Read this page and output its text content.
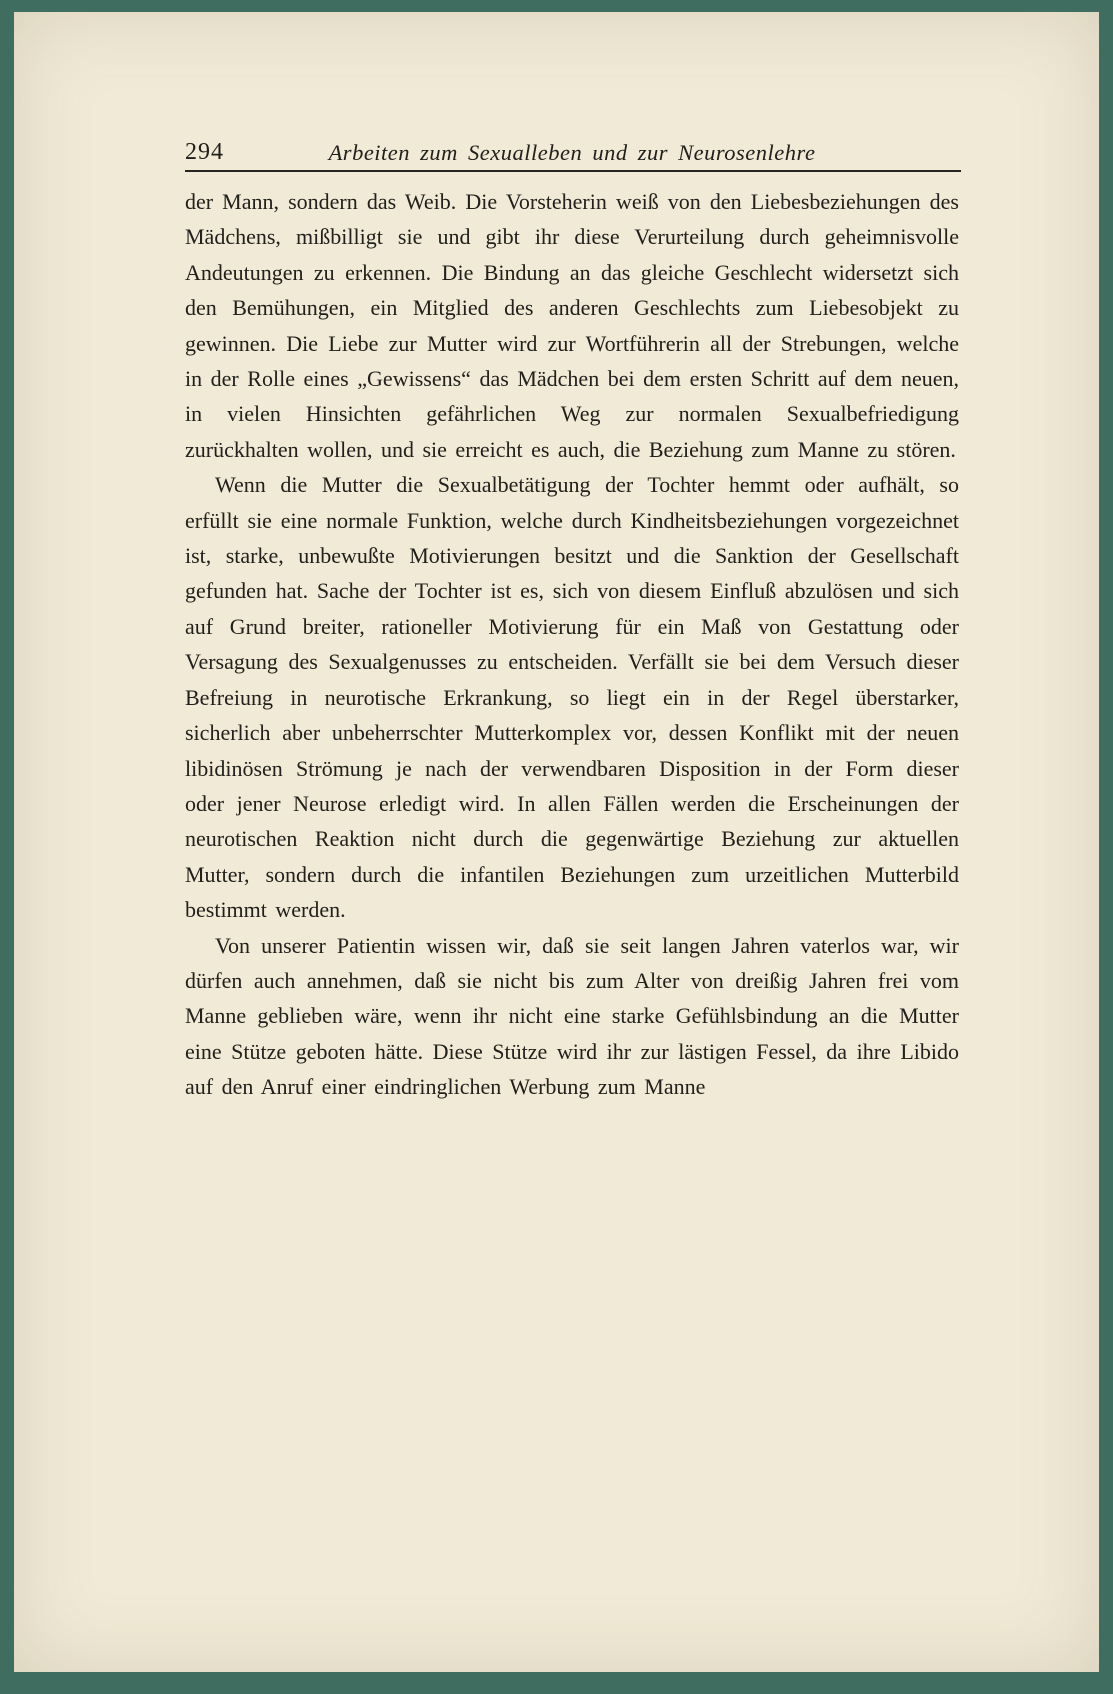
294	Arbeiten zum Sexualleben und zur Neurosenlehre

der Mann, sondern das Weib. Die Vorsteherin weiß von den Liebesbeziehungen des Mädchens, mißbilligt sie und gibt ihr diese Verurteilung durch geheimnisvolle Andeutungen zu erkennen. Die Bindung an das gleiche Geschlecht widersetzt sich den Bemühungen, ein Mitglied des anderen Geschlechts zum Liebesobjekt zu gewinnen. Die Liebe zur Mutter wird zur Wortführerin all der Strebungen, welche in der Rolle eines „Gewissens“ das Mädchen bei dem ersten Schritt auf dem neuen, in vielen Hinsichten gefährlichen Weg zur normalen Sexualbefriedigung zurückhalten wollen, und sie erreicht es auch, die Beziehung zum Manne zu stören.

Wenn die Mutter die Sexualbetätigung der Tochter hemmt oder aufhält, so erfüllt sie eine normale Funktion, welche durch Kindheitsbeziehungen vorgezeichnet ist, starke, unbewußte Motivierungen besitzt und die Sanktion der Gesellschaft gefunden hat. Sache der Tochter ist es, sich von diesem Einfluß abzulösen und sich auf Grund breiter, rationeller Motivierung für ein Maß von Gestattung oder Versagung des Sexualgenusses zu entscheiden. Verfällt sie bei dem Versuch dieser Befreiung in neurotische Erkrankung, so liegt ein in der Regel überstarker, sicherlich aber unbeherrschter Mutterkomplex vor, dessen Konflikt mit der neuen libidinösen Strömung je nach der verwendbaren Disposition in der Form dieser oder jener Neurose erledigt wird. In allen Fällen werden die Erscheinungen der neurotischen Reaktion nicht durch die gegenwärtige Beziehung zur aktuellen Mutter, sondern durch die infantilen Beziehungen zum urzeitlichen Mutterbild bestimmt werden.

Von unserer Patientin wissen wir, daß sie seit langen Jahren vaterlos war, wir dürfen auch annehmen, daß sie nicht bis zum Alter von dreißig Jahren frei vom Manne geblieben wäre, wenn ihr nicht eine starke Gefühlsbindung an die Mutter eine Stütze geboten hätte. Diese Stütze wird ihr zur lästigen Fessel, da ihre Libido auf den Anruf einer eindringlichen Werbung zum Manne
